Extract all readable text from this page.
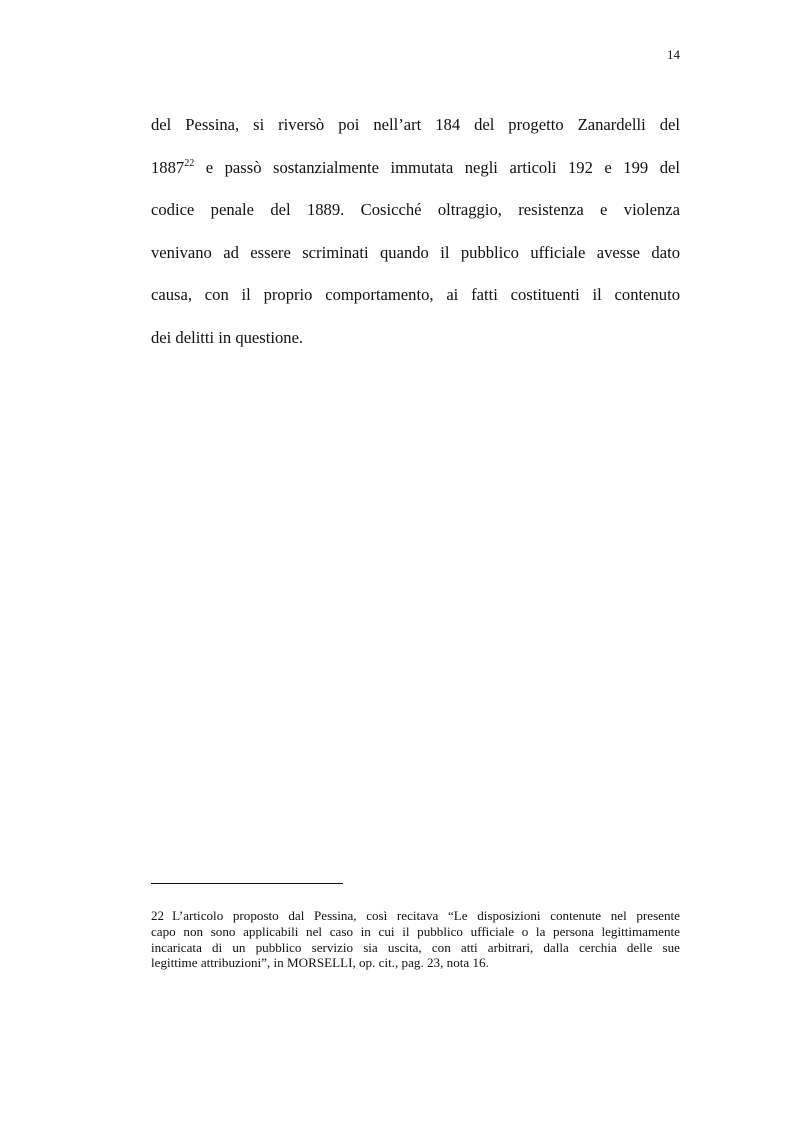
14
del Pessina, si riversò poi nell’art 184 del progetto Zanardelli del
1887$^{22}$ e passò sostanzialmente immutata negli articoli 192 e 199 del
codice penale del 1889. Cosicché oltraggio, resistenza e violenza
venivano ad essere scriminati quando il pubblico ufficiale avesse dato
causa, con il proprio comportamento, ai fatti costituenti il contenuto
dei delitti in questione.
22 L’articolo proposto dal Pessina, così recitava “Le disposizioni contenute nel presente
capo non sono applicabili nel caso in cui il pubblico ufficiale o la persona legittimamente
incaricata di un pubblico servizio sia uscita, con atti arbitrari, dalla cerchia delle sue
legittime attribuzioni”, in MORSELLI, op. cit., pag. 23, nota 16.
